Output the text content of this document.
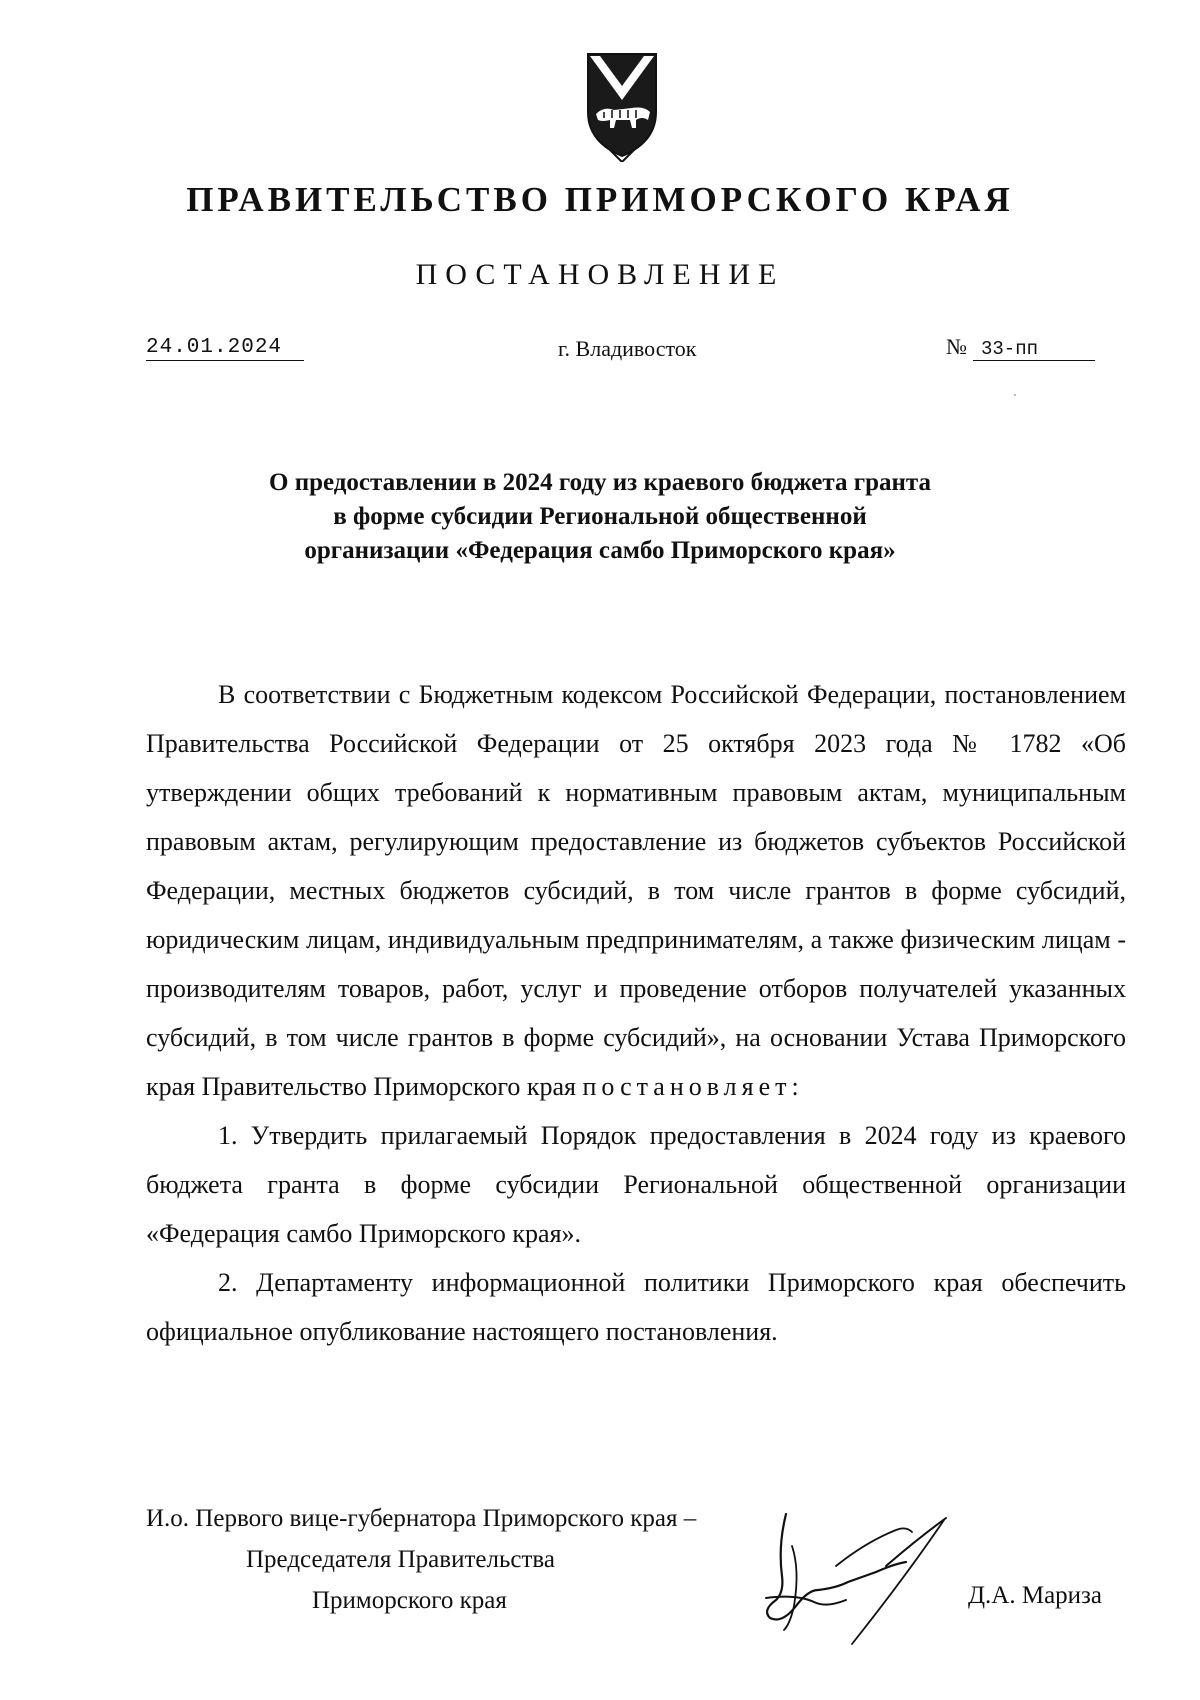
ПРАВИТЕЛЬСТВО ПРИМОРСКОГО КРАЯ
ПОСТАНОВЛЕНИЕ
24.01.2024	г. Владивосток	№ 33-пп
О предоставлении в 2024 году из краевого бюджета гранта
в форме субсидии Региональной общественной
организации «Федерация самбо Приморского края»

В соответствии с Бюджетным кодексом Российской Федерации, постановлением Правительства Российской Федерации от 25 октября 2023 года № 1782 «Об утверждении общих требований к нормативным правовым актам, муниципальным правовым актам, регулирующим предоставление из бюджетов субъектов Российской Федерации, местных бюджетов субсидий, в том числе грантов в форме субсидий, юридическим лицам, индивидуальным предпринимателям, а также физическим лицам - производителям товаров, работ, услуг и проведение отборов получателей указанных субсидий, в том числе грантов в форме субсидий», на основании Устава Приморского края Правительство Приморского края постановляет:

1. Утвердить прилагаемый Порядок предоставления в 2024 году из краевого бюджета гранта в форме субсидии Региональной общественной организации «Федерация самбо Приморского края».

2. Департаменту информационной политики Приморского края обеспечить официальное опубликование настоящего постановления.

И.о. Первого вице-губернатора Приморского края –
Председателя Правительства
Приморского края	Д.А. Мариза
